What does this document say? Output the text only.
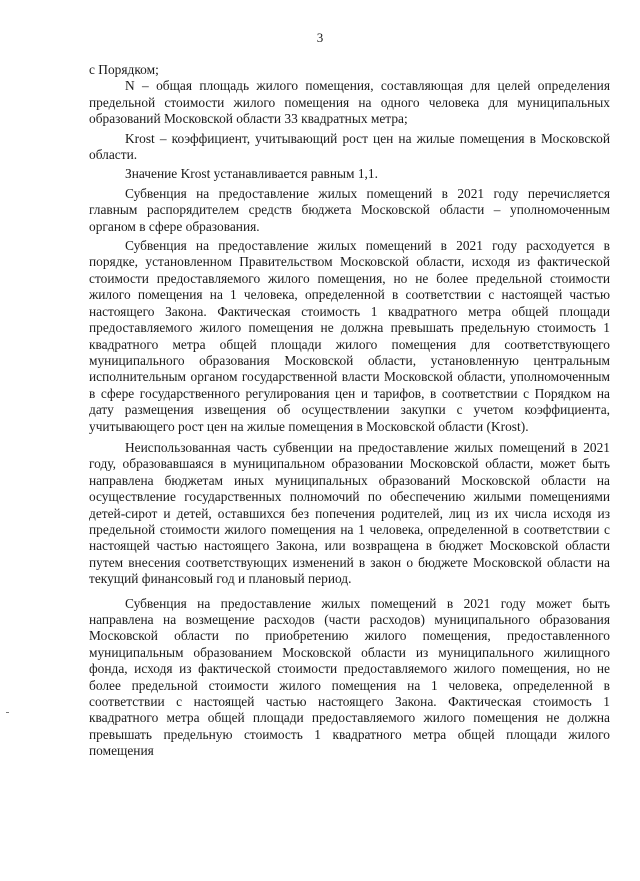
3

с Порядком;

N – общая площадь жилого помещения, составляющая для целей определения предельной стоимости жилого помещения на одного человека для муниципальных образований Московской области 33 квадратных метра;

Krost – коэффициент, учитывающий рост цен на жилые помещения в Московской области.

Значение Krost устанавливается равным 1,1.

Субвенция на предоставление жилых помещений в 2021 году перечисляется главным распорядителем средств бюджета Московской области – уполномоченным органом в сфере образования.

Субвенция на предоставление жилых помещений в 2021 году расходуется в порядке, установленном Правительством Московской области, исходя из фактической стоимости предоставляемого жилого помещения, но не более предельной стоимости жилого помещения на 1 человека, определенной в соответствии с настоящей частью настоящего Закона. Фактическая стоимость 1 квадратного метра общей площади предоставляемого жилого помещения не должна превышать предельную стоимость 1 квадратного метра общей площади жилого помещения для соответствующего муниципального образования Московской области, установленную центральным исполнительным органом государственной власти Московской области, уполномоченным в сфере государственного регулирования цен и тарифов, в соответствии с Порядком на дату размещения извещения об осуществлении закупки с учетом коэффициента, учитывающего рост цен на жилые помещения в Московской области (Krost).

Неиспользованная часть субвенции на предоставление жилых помещений в 2021 году, образовавшаяся в муниципальном образовании Московской области, может быть направлена бюджетам иных муниципальных образований Московской области на осуществление государственных полномочий по обеспечению жилыми помещениями детей-сирот и детей, оставшихся без попечения родителей, лиц из их числа исходя из предельной стоимости жилого помещения на 1 человека, определенной в соответствии с настоящей частью настоящего Закона, или возвращена в бюджет Московской области путем внесения соответствующих изменений в закон о бюджете Московской области на текущий финансовый год и плановый период.

Субвенция на предоставление жилых помещений в 2021 году может быть направлена на возмещение расходов (части расходов) муниципального образования Московской области по приобретению жилого помещения, предоставленного муниципальным образованием Московской области из муниципального жилищного фонда, исходя из фактической стоимости предоставляемого жилого помещения, но не более предельной стоимости жилого помещения на 1 человека, определенной в соответствии с настоящей частью настоящего Закона. Фактическая стоимость 1 квадратного метра общей площади предоставляемого жилого помещения не должна превышать предельную стоимость 1 квадратного метра общей площади жилого помещения
